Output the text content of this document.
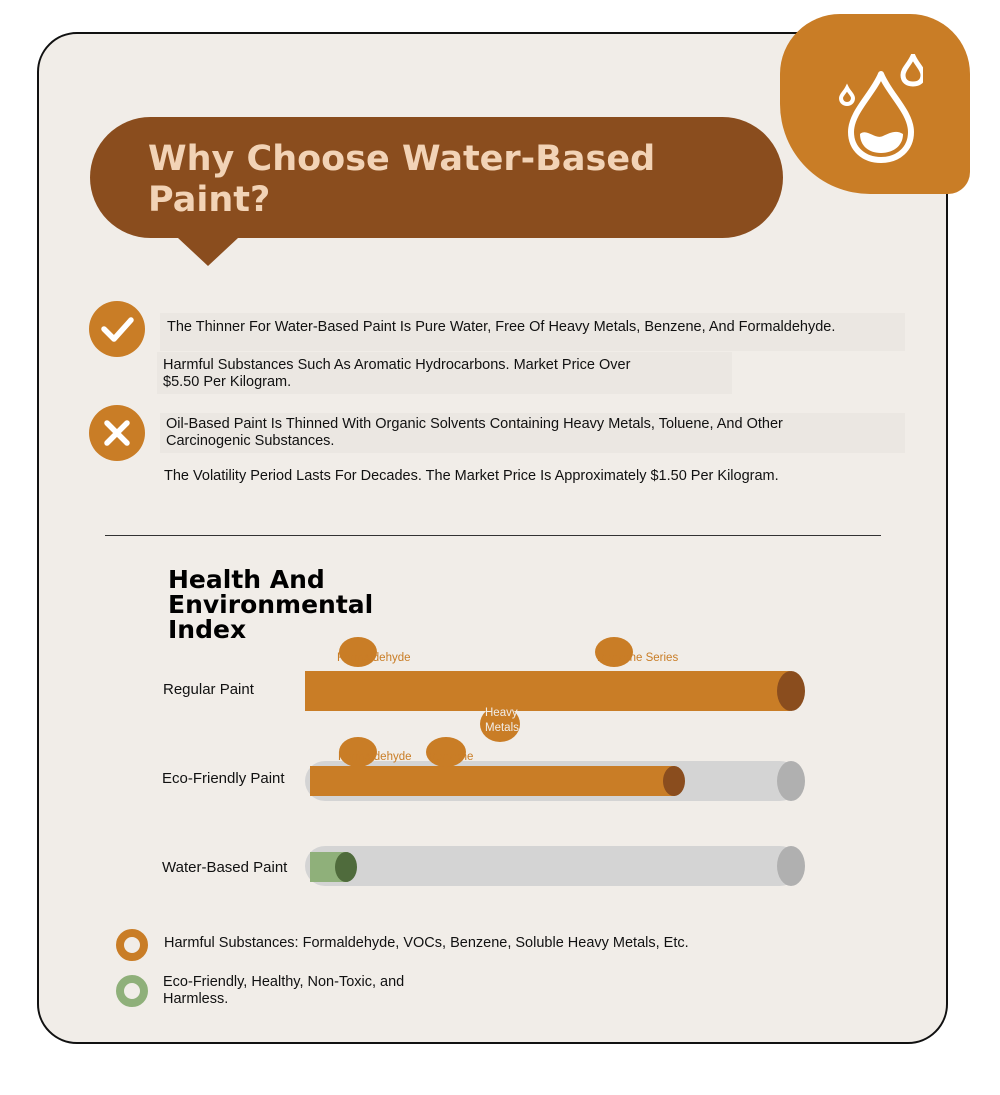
Why Choose Water-Based Paint?
The Thinner For Water-Based Paint Is Pure Water, Free Of Heavy Metals, Benzene, And Formaldehyde.
Harmful Substances Such As Aromatic Hydrocarbons. Market Price Over $5.50 Per Kilogram.
Oil-Based Paint Is Thinned With Organic Solvents Containing Heavy Metals, Toluene, And Other Carcinogenic Substances.
The Volatility Period Lasts For Decades. The Market Price Is Approximately $1.50 Per Kilogram.
Health And Environmental Index
Regular Paint
Formaldehyde	Benzene Series
Heavy Metals
Eco-Friendly Paint
Formaldehyde Benzene
Water-Based Paint
Harmful Substances: Formaldehyde, VOCs, Benzene, Soluble Heavy Metals, Etc.
Eco-Friendly, Healthy, Non-Toxic, and Harmless.
